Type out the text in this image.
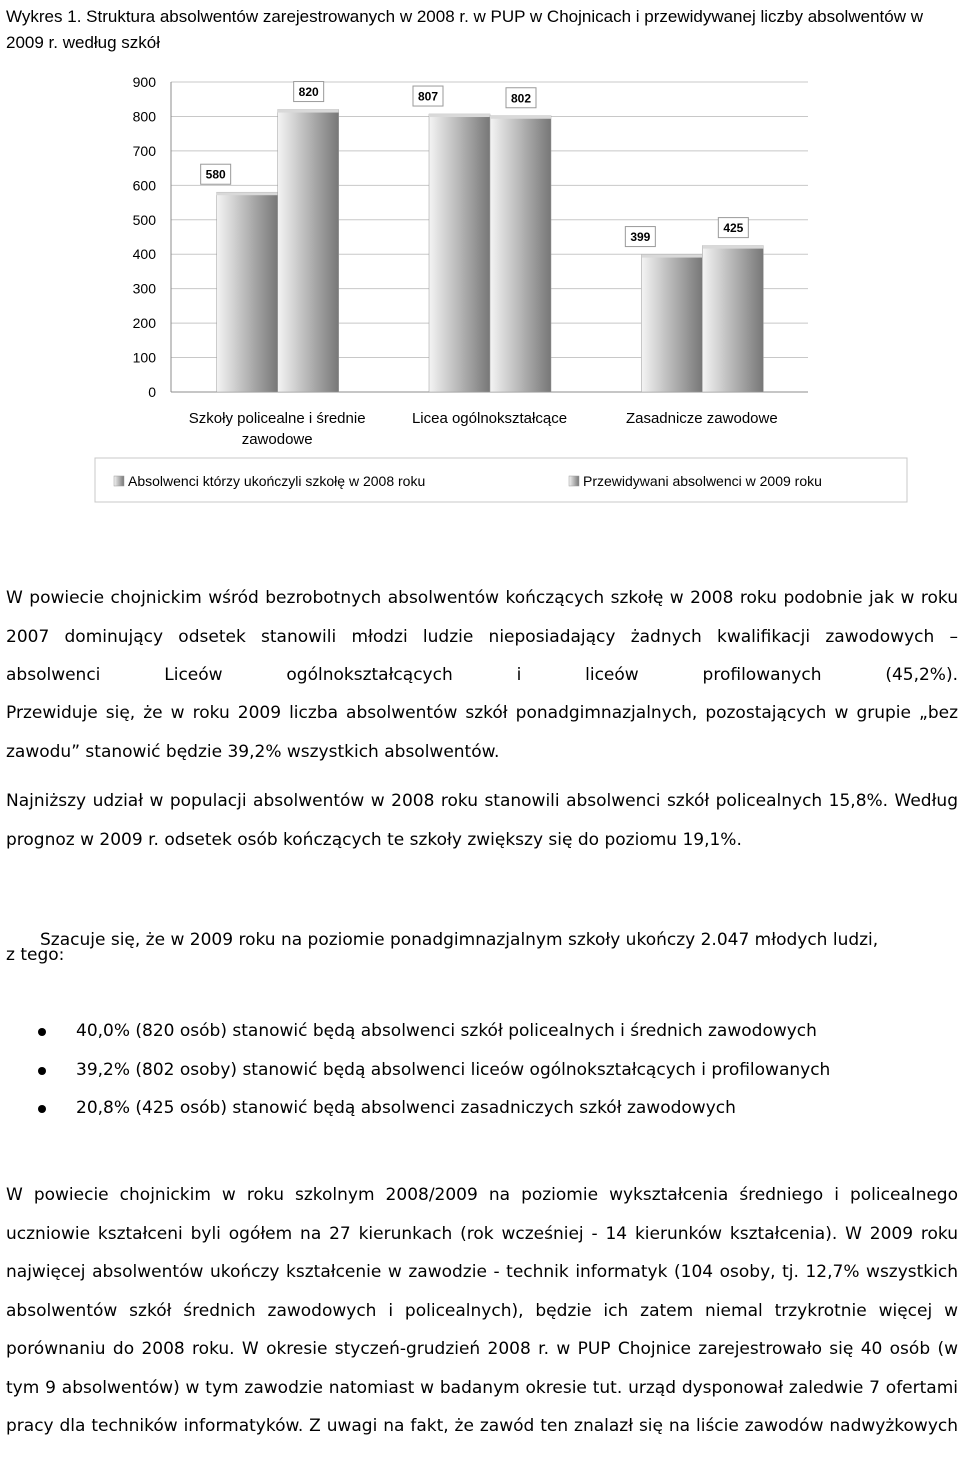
Wykres 1. Struktura absolwentów zarejestrowanych w 2008 r. w PUP w Chojnicach i przewidywanej liczby absolwentów w 2009 r. według szkół
0
100
200
300
400
500
600
700
800
900
580
820	807	802
399
425
Szkoły policealne i średnie
zawodowe
Licea ogólnokształcące	Zasadnicze zawodowe
Absolwenci którzy ukończyli szkołę w 2008 roku	Przewidywani absolwenci w 2009 roku

W powiecie chojnickim wśród bezrobotnych absolwentów kończących szkołę w 2008 roku podobnie jak w roku 2007 dominujący odsetek stanowili młodzi ludzie nieposiadający żadnych kwalifikacji zawodowych – absolwenci Liceów ogólnokształcących i liceów profilowanych (45,2%).

Przewiduje się, że w roku 2009 liczba absolwentów szkół ponadgimnazjalnych, pozostających w grupie „bez zawodu” stanowić będzie 39,2% wszystkich absolwentów.

Najniższy udział w populacji absolwentów w 2008 roku stanowili absolwenci szkół policealnych 15,8%. Według prognoz w 2009 r. odsetek osób kończących te szkoły zwiększy się do poziomu 19,1%.

Szacuje się, że w 2009 roku na poziomie ponadgimnazjalnym szkoły ukończy 2.047 młodych ludzi,
z tego:
40,0% (820 osób) stanowić będą absolwenci szkół policealnych i średnich zawodowych
39,2% (802 osoby) stanowić będą absolwenci liceów ogólnokształcących i profilowanych
20,8% (425 osób) stanowić będą absolwenci zasadniczych szkół zawodowych

W powiecie chojnickim w roku szkolnym 2008/2009 na poziomie wykształcenia średniego i policealnego uczniowie kształceni byli ogółem na 27 kierunkach (rok wcześniej - 14 kierunków kształcenia). W 2009 roku najwięcej absolwentów ukończy kształcenie w zawodzie - technik informatyk (104 osoby, tj. 12,7% wszystkich absolwentów szkół średnich zawodowych i policealnych), będzie ich zatem niemal trzykrotnie więcej w porównaniu do 2008 roku. W okresie styczeń-grudzień 2008 r. w PUP Chojnice zarejestrowało się 40 osób (w tym 9 absolwentów) w tym zawodzie natomiast w badanym okresie tut. urząd dysponował zaledwie 7 ofertami pracy dla techników informatyków. Z uwagi na fakt, że zawód ten znalazł się na liście zawodów nadwyżkowych
